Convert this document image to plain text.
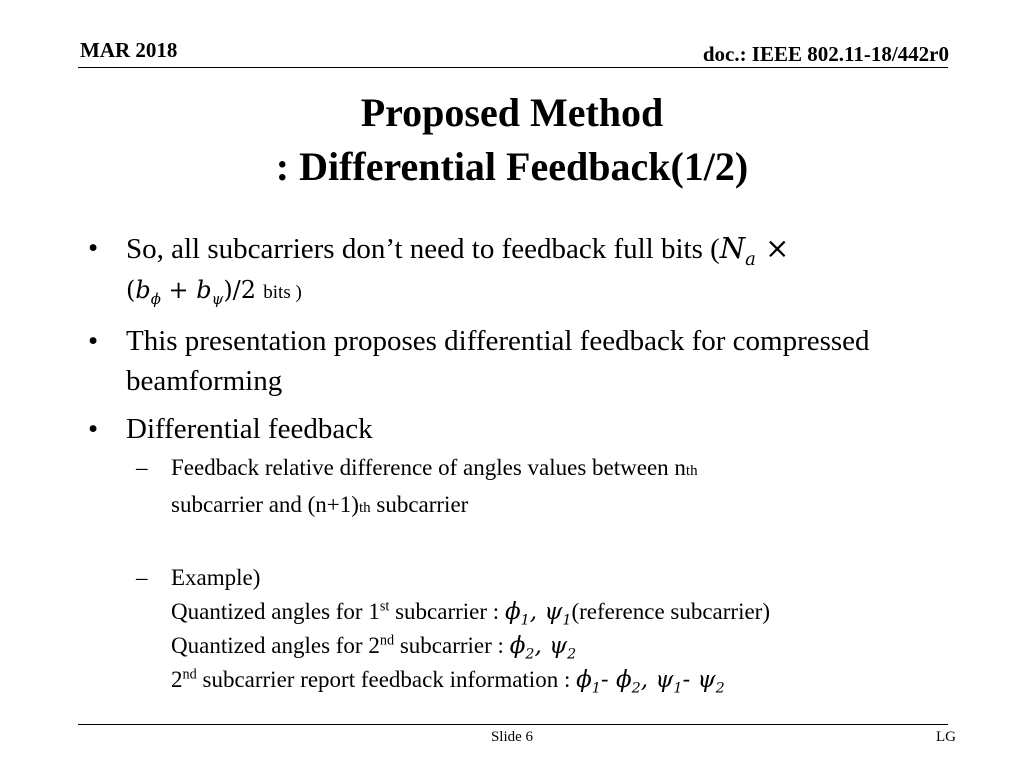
MAR 2018	doc.: IEEE 802.11-18/442r0
Proposed Method
: Differential Feedback(1/2)
• So, all subcarriers don’t need to feedback full bits ($N_a$ ×
$(b_\phi + b_\psi)/2$ bits )
• This presentation proposes differential feedback for compressed beamforming
• Differential feedback
– Feedback relative difference of angles values between nth
subcarrier and (n+1)th subcarrier
– Example)
Quantized angles for 1st subcarrier : $\phi_1$, $\psi_1(reference$ subcarrier)
Quantized angles for 2nd subcarrier : $\phi_2$, $\psi_2$
2nd subcarrier report feedback information : $\phi_1-$ $\phi_2$, $\psi_1-$ $\psi_2$
Slide 6	LG
